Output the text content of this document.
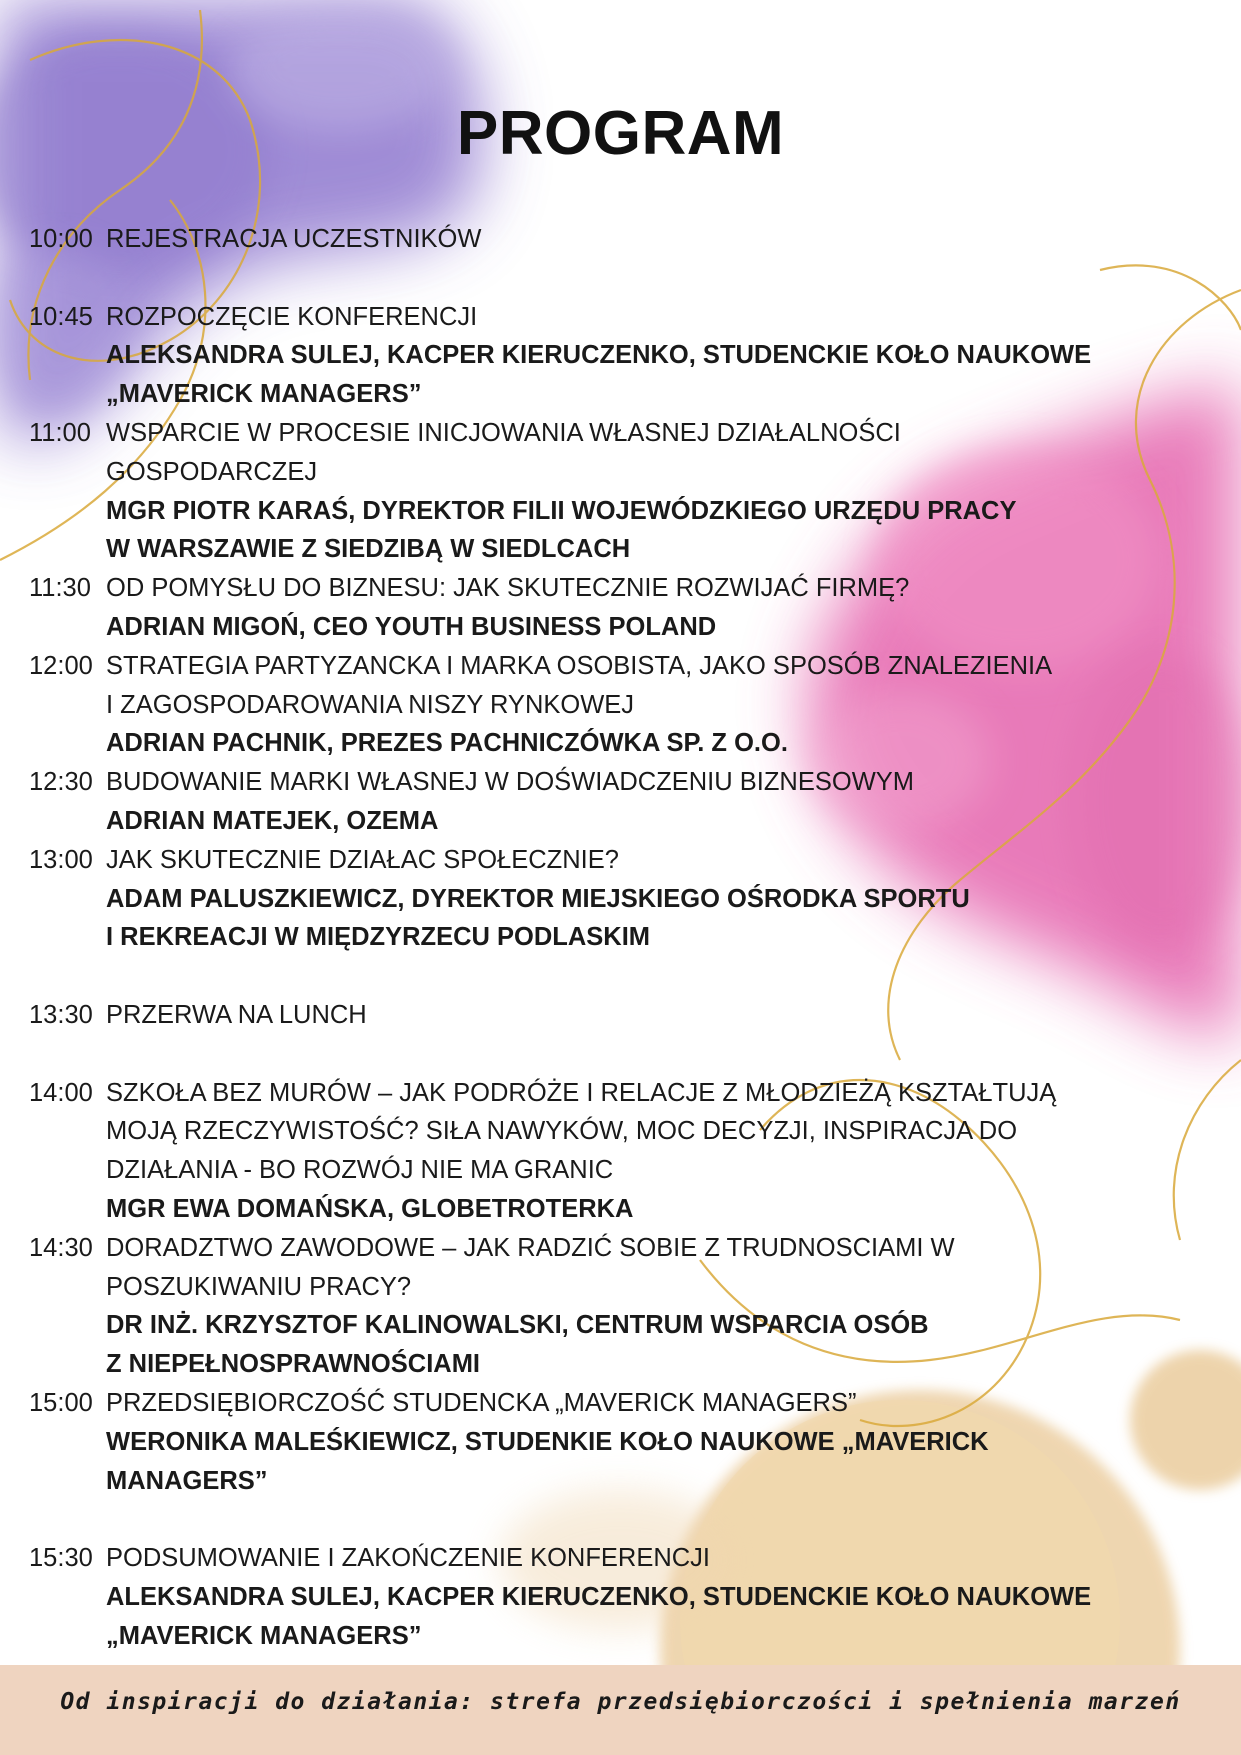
PROGRAM
10:00 REJESTRACJA UCZESTNIKÓW
10:45 ROZPOCZĘCIE KONFERENCJI
ALEKSANDRA SULEJ, KACPER KIERUCZENKO, STUDENCKIE KOŁO NAUKOWE
„MAVERICK MANAGERS”
11:00 WSPARCIE W PROCESIE INICJOWANIA WŁASNEJ DZIAŁALNOŚCI
GOSPODARCZEJ
MGR PIOTR KARAŚ, DYREKTOR FILII WOJEWÓDZKIEGO URZĘDU PRACY
W WARSZAWIE Z SIEDZIBĄ W SIEDLCACH
11:30 OD POMYSŁU DO BIZNESU: JAK SKUTECZNIE ROZWIJAĆ FIRMĘ?
ADRIAN MIGOŃ, CEO YOUTH BUSINESS POLAND
12:00 STRATEGIA PARTYZANCKA I MARKA OSOBISTA, JAKO SPOSÓB ZNALEZIENIA
I ZAGOSPODAROWANIA NISZY RYNKOWEJ
ADRIAN PACHNIK, PREZES PACHNICZÓWKA SP. Z O.O.
12:30 BUDOWANIE MARKI WŁASNEJ W DOŚWIADCZENIU BIZNESOWYM
ADRIAN MATEJEK, OZEMA
13:00 JAK SKUTECZNIE DZIAŁAC SPOŁECZNIE?
ADAM PALUSZKIEWICZ, DYREKTOR MIEJSKIEGO OŚRODKA SPORTU
I REKREACJI W MIĘDZYRZECU PODLASKIM
13:30 PRZERWA NA LUNCH
14:00 SZKOŁA BEZ MURÓW – JAK PODRÓŻE I RELACJE Z MŁODZIEŻĄ KSZTAŁTUJĄ
MOJĄ RZECZYWISTOŚĆ? SIŁA NAWYKÓW, MOC DECYZJI, INSPIRACJA DO
DZIAŁANIA - BO ROZWÓJ NIE MA GRANIC
MGR EWA DOMAŃSKA, GLOBETROTERKA
14:30 DORADZTWO ZAWODOWE – JAK RADZIĆ SOBIE Z TRUDNOSCIAMI W
POSZUKIWANIU PRACY?
DR INŻ. KRZYSZTOF KALINOWALSKI, CENTRUM WSPARCIA OSÓB
Z NIEPEŁNOSPRAWNOŚCIAMI
15:00 PRZEDSIĘBIORCZOŚĆ STUDENCKA „MAVERICK MANAGERS”
WERONIKA MALEŚKIEWICZ, STUDENKIE KOŁO NAUKOWE „MAVERICK
MANAGERS”
15:30 PODSUMOWANIE I ZAKOŃCZENIE KONFERENCJI
ALEKSANDRA SULEJ, KACPER KIERUCZENKO, STUDENCKIE KOŁO NAUKOWE
„MAVERICK MANAGERS”
Od inspiracji do działania: strefa przedsiębiorczości i spełnienia marzeń
